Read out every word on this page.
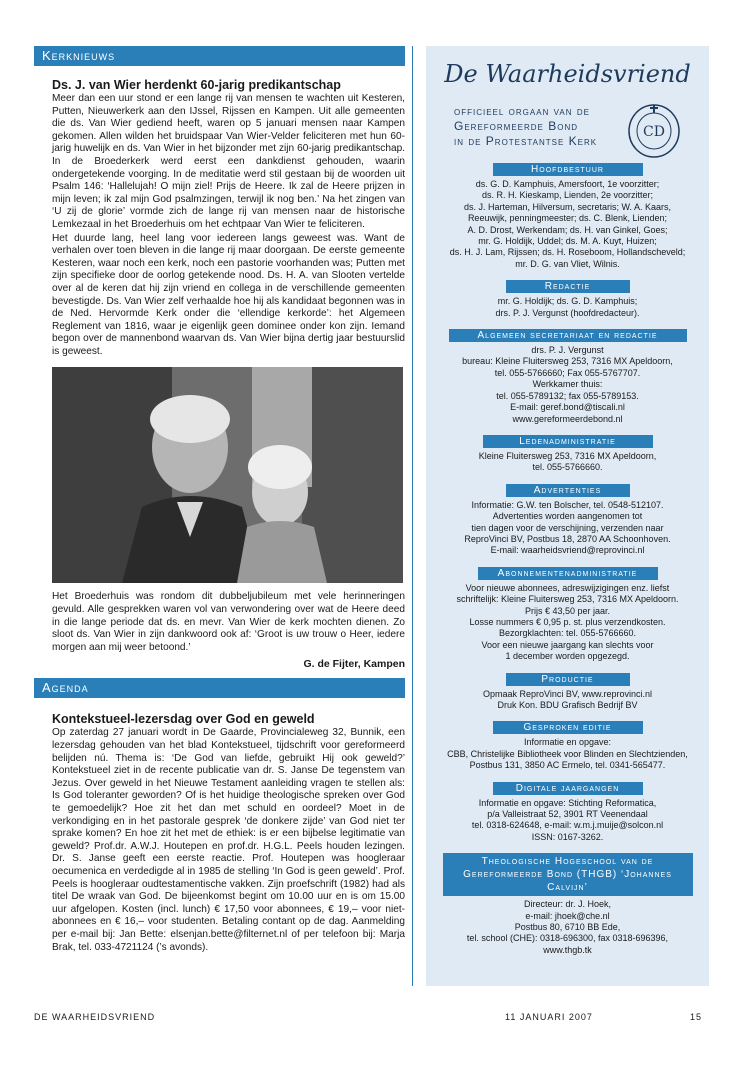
Kerknieuws
Ds. J. van Wier herdenkt 60-jarig predikantschap
Meer dan een uur stond er een lange rij van mensen te wachten uit Kesteren, Putten, Nieuwerkerk aan den IJssel, Rijssen en Kampen. Uit alle gemeenten die ds. Van Wier gediend heeft, waren op 5 januari mensen naar Kampen gekomen. Allen wilden het bruidspaar Van Wier-Velder feliciteren met hun 60-jarig huwelijk en ds. Van Wier in het bijzonder met zijn 60-jarig predikantschap. In de Broederkerk werd eerst een dankdienst gehouden, waarin ondergetekende voorging. In de meditatie werd stil gestaan bij de woorden uit Psalm 146: ‘Hallelujah! O mijn ziel! Prijs de Heere. Ik zal de Heere prijzen in mijn leven; ik zal mijn God psalmzingen, terwijl ik nog ben.’ Na het zingen van ‘U zij de glorie’ vormde zich de lange rij van mensen naar de historische Lemkezaal in het Broederhuis om het echtpaar Van Wier te feliciteren.
Het duurde lang, heel lang voor iedereen langs geweest was. Want de verhalen over toen bleven in die lange rij maar doorgaan. De eerste gemeente Kesteren, waar noch een kerk, noch een pastorie voorhanden was; Putten met zijn specifieke door de oorlog getekende nood. Ds. H. A. van Slooten vertelde over al de keren dat hij zijn vriend en collega in de verschillende gemeenten bevestigde. Ds. Van Wier zelf verhaalde hoe hij als kandidaat begonnen was in de Ned. Hervormde Kerk onder die ‘ellendige kerkorde’: het Algemeen Reglement van 1816, waar je eigenlijk geen dominee onder kon zijn. Iemand begon over de mannenbond waarvan ds. Van Wier bijna dertig jaar bestuurslid is geweest.
Het Broederhuis was rondom dit dubbeljubileum met vele herinneringen gevuld. Alle gesprekken waren vol van verwondering over wat de Heere deed in die lange periode dat ds. en mevr. Van Wier de kerk mochten dienen. Zo sloot ds. Van Wier in zijn dankwoord ook af: ‘Groot is uw trouw o Heer, iedere morgen aan mij weer betoond.’
G. de Fijter, Kampen
Agenda
Kontekstueel-lezersdag over God en geweld
Op zaterdag 27 januari wordt in De Gaarde, Provincialeweg 32, Bunnik, een lezersdag gehouden van het blad Kontekstueel, tijdschrift voor gereformeerd belijden nú. Thema is: ‘De God van liefde, gebruikt Hij ook geweld?’ Kontekstueel ziet in de recente publicatie van dr. S. Janse De tegenstem van Jezus. Over geweld in het Nieuwe Testament aanleiding vragen te stellen als: Is God toleranter geworden? Of is het huidige theologische spreken over God te gemoedelijk? Hoe zit het dan met schuld en oordeel? Moet in de verkondiging en in het pastorale gesprek ‘de donkere zijde’ van God niet ter sprake komen? En hoe zit het met de ethiek: is er een bijbelse legitimatie van geweld? Prof.dr. A.W.J. Houtepen en prof.dr. H.G.L. Peels houden lezingen. Dr. S. Janse geeft een eerste reactie. Prof. Houtepen was hoogleraar oecumenica en verdedigde al in 1985 de stelling ‘In God is geen geweld’. Prof. Peels is hoogleraar oudtestamentische vakken. Zijn proefschrift (1982) had als titel De wraak van God. De bijeenkomst begint om 10.00 uur en is om 15.00 uur afgelopen. Kosten (incl. lunch) € 17,50 voor abonnees, € 19,– voor niet-abonnees en € 16,– voor studenten. Betaling contant op de dag. Aanmelding per e-mail bij: Jan Bette: elsenjan.bette@filternet.nl of per telefoon bij: Marja Brak, tel. 033-4721124 (’s avonds).
De Waarheidsvriend
officieel orgaan van de
Gereformeerde Bond
in de Protestantse Kerk
CD
Hoofdbestuur
ds. G. D. Kamphuis, Amersfoort, 1e voorzitter;
ds. R. H. Kieskamp, Lienden, 2e voorzitter;
ds. J. Harteman, Hilversum, secretaris; W. A. Kaars,
Reeuwijk, penningmeester; ds. C. Blenk, Lienden;
A. D. Drost, Werkendam; ds. H. van Ginkel, Goes;
mr. G. Holdijk, Uddel; ds. M. A. Kuyt, Huizen;
ds. H. J. Lam, Rijssen; ds. H. Roseboom, Hollandscheveld;
mr. D. G. van Vliet, Wilnis.
Redactie
mr. G. Holdijk; ds. G. D. Kamphuis;
drs. P. J. Vergunst (hoofdredacteur).
Algemeen secretariaat en redactie
drs. P. J. Vergunst
bureau: Kleine Fluitersweg 253, 7316 MX Apeldoorn,
tel. 055-5766660; Fax 055-5767707.
Werkkamer thuis:
tel. 055-5789132; fax 055-5789153.
E-mail: geref.bond@tiscali.nl
www.gereformeerdebond.nl
Ledenadministratie
Kleine Fluitersweg 253, 7316 MX Apeldoorn,
tel. 055-5766660.
Advertenties
Informatie: G.W. ten Bolscher, tel. 0548-512107.
Advertenties worden aangenomen tot
tien dagen voor de verschijning, verzenden naar
ReproVinci BV, Postbus 18, 2870 AA Schoonhoven.
E-mail: waarheidsvriend@reprovinci.nl
Abonnementenadministratie
Voor nieuwe abonnees, adreswijzigingen enz. liefst
schriftelijk: Kleine Fluitersweg 253, 7316 MX Apeldoorn.
Prijs € 43,50 per jaar.
Losse nummers € 0,95 p. st. plus verzendkosten.
Bezorgklachten: tel. 055-5766660.
Voor een nieuwe jaargang kan slechts voor
1 december worden opgezegd.
Productie
Opmaak ReproVinci BV, www.reprovinci.nl
Druk Kon. BDU Grafisch Bedrijf BV
Gesproken editie
Informatie en opgave:
CBB, Christelijke Bibliotheek voor Blinden en Slechtzienden,
Postbus 131, 3850 AC Ermelo, tel. 0341-565477.
Digitale jaargangen
Informatie en opgave: Stichting Reformatica,
p/a Valleistraat 52, 3901 RT Veenendaal
tel. 0318-624648, e-mail: w.m.j.muije@solcon.nl
ISSN: 0167-3262.
Theologische Hogeschool van de Gereformeerde Bond (THGB) ‘Johannes Calvijn’
Directeur: dr. J. Hoek,
e-mail: jhoek@che.nl
Postbus 80, 6710 BB Ede,
tel. school (CHE): 0318-696300, fax 0318-696396,
www.thgb.tk
DE WAARHEIDSVRIEND	11 JANUARI 2007	15
